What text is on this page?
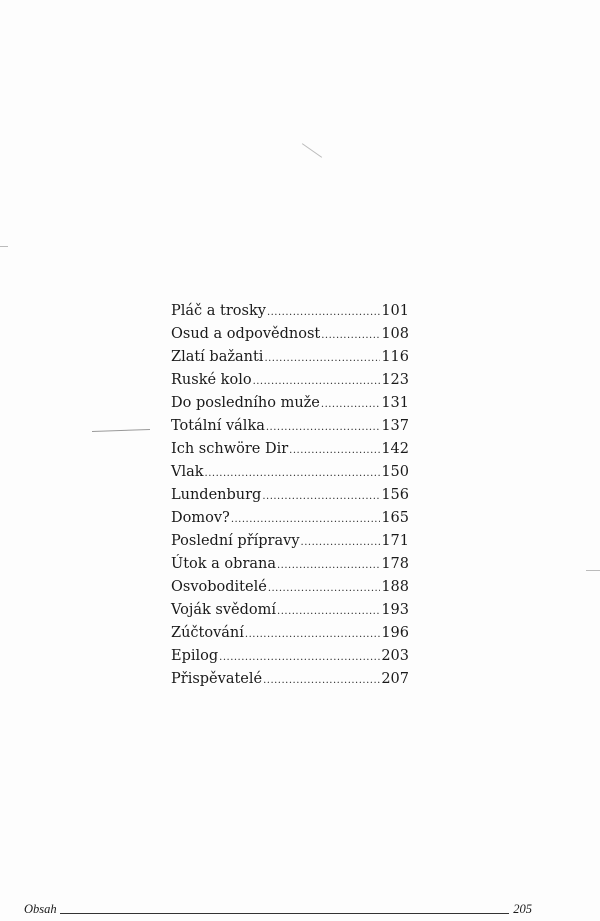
Pláč a trosky .....	101
Osud a odpovědnost .....	108
Zlatí bažanti .....	116
Ruské kolo .....	123
Do posledního muže .....	131
Totální válka .....	137
Ich schwöre Dir .....	142
Vlak .....	150
Lundenburg .....	156
Domov? .....	165
Poslední přípravy .....	171
Útok a obrana .....	178
Osvoboditelé .....	188
Voják svědomí .....	193
Zúčtování .....	196
Epilog .....	203
Přispěvatelé .....	207
Obsah	205
